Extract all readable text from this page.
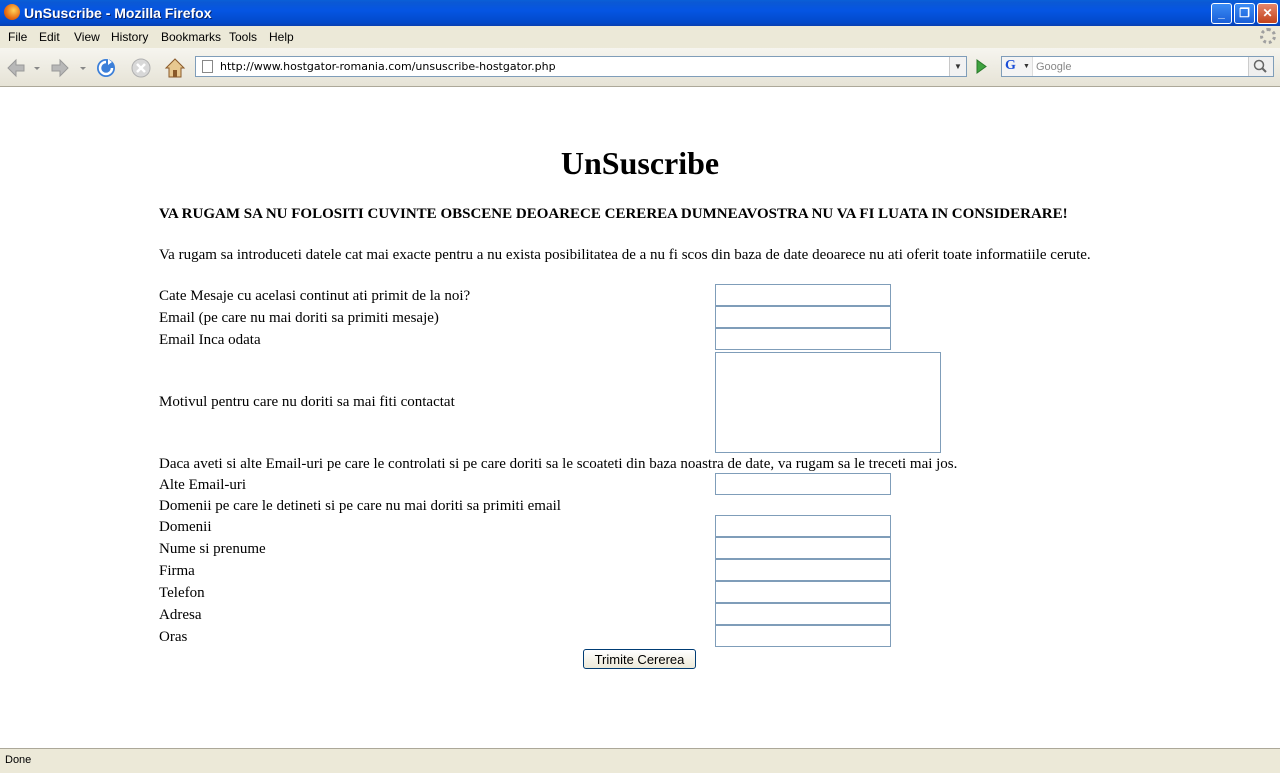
UnSuscribe - Mozilla Firefox	_	❐	✕
File Edit View History Bookmarks Tools Help
http://www.hostgator-romania.com/unsuscribe-hostgator.php	▼	G ▼ Google
UnSuscribe
VA RUGAM SA NU FOLOSITI CUVINTE OBSCENE DEOARECE CEREREA DUMNEAVOSTRA NU VA FI LUATA IN CONSIDERARE!
Va rugam sa introduceti datele cat mai exacte pentru a nu exista posibilitatea de a nu fi scos din baza de date deoarece nu ati oferit toate informatiile cerute.
Cate Mesaje cu acelasi continut ati primit de la noi?
Email (pe care nu mai doriti sa primiti mesaje)
Email Inca odata
Motivul pentru care nu doriti sa mai fiti contactat
Daca aveti si alte Email-uri pe care le controlati si pe care doriti sa le scoateti din baza noastra de date, va rugam sa le treceti mai jos.
Alte Email-uri
Domenii pe care le detineti si pe care nu mai doriti sa primiti email
Domenii
Nume si prenume
Firma
Telefon
Adresa
Oras
Trimite Cererea
Done
